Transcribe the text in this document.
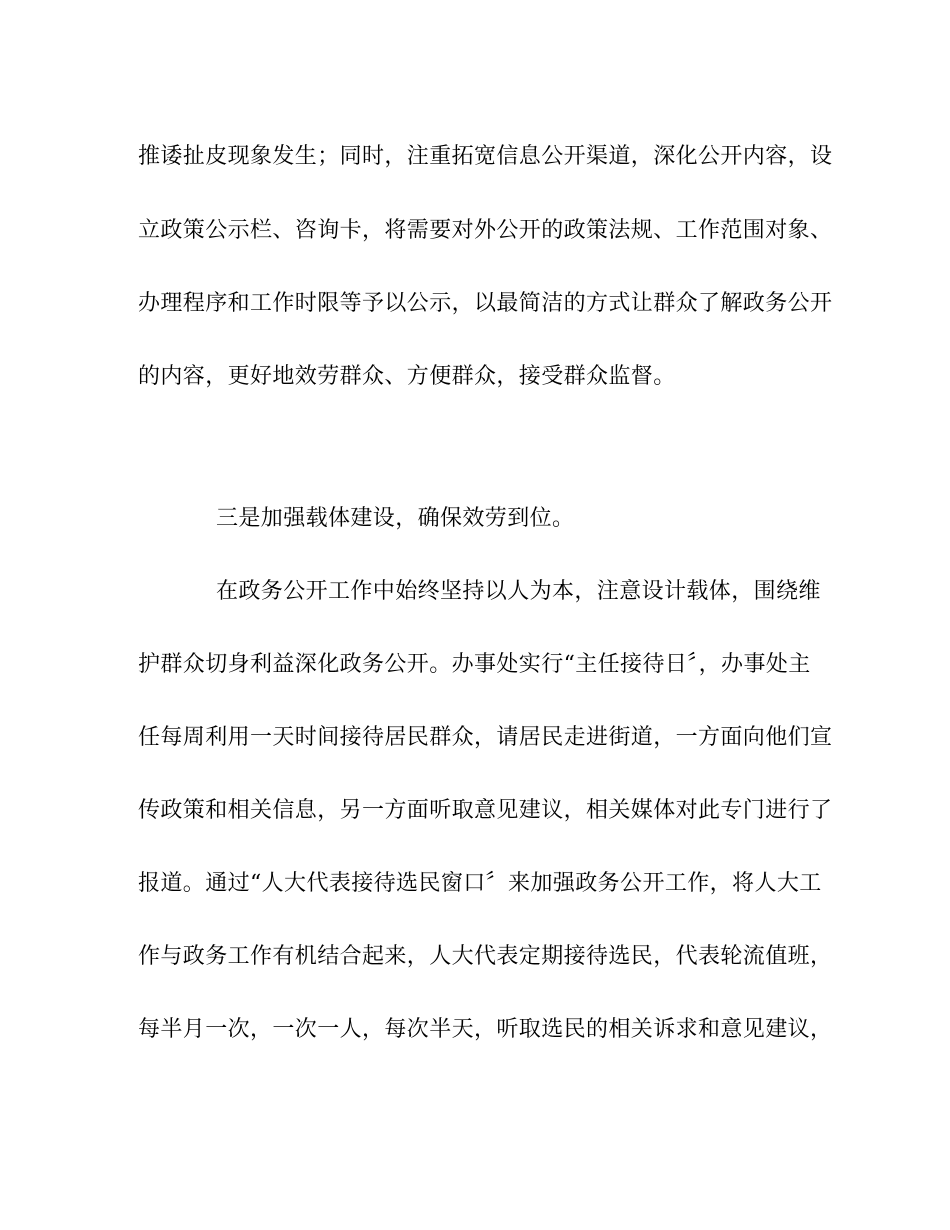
推诿扯皮现象发生；同时，注重拓宽信息公开渠道，深化公开内容，设
立政策公示栏、咨询卡，将需要对外公开的政策法规、工作范围对象、
办理程序和工作时限等予以公示，以最简洁的方式让群众了解政务公开
的内容，更好地效劳群众、方便群众，接受群众监督。
三是加强载体建设，确保效劳到位。
在政务公开工作中始终坚持以人为本，注意设计载体，围绕维
护群众切身利益深化政务公开。办事处实行“主任接待日〞，办事处主
任每周利用一天时间接待居民群众，请居民走进街道，一方面向他们宣
传政策和相关信息，另一方面听取意见建议，相关媒体对此专门进行了
报道。通过“人大代表接待选民窗口〞来加强政务公开工作，将人大工
作与政务工作有机结合起来，人大代表定期接待选民，代表轮流值班，
每半月一次，一次一人，每次半天，听取选民的相关诉求和意见建议，
